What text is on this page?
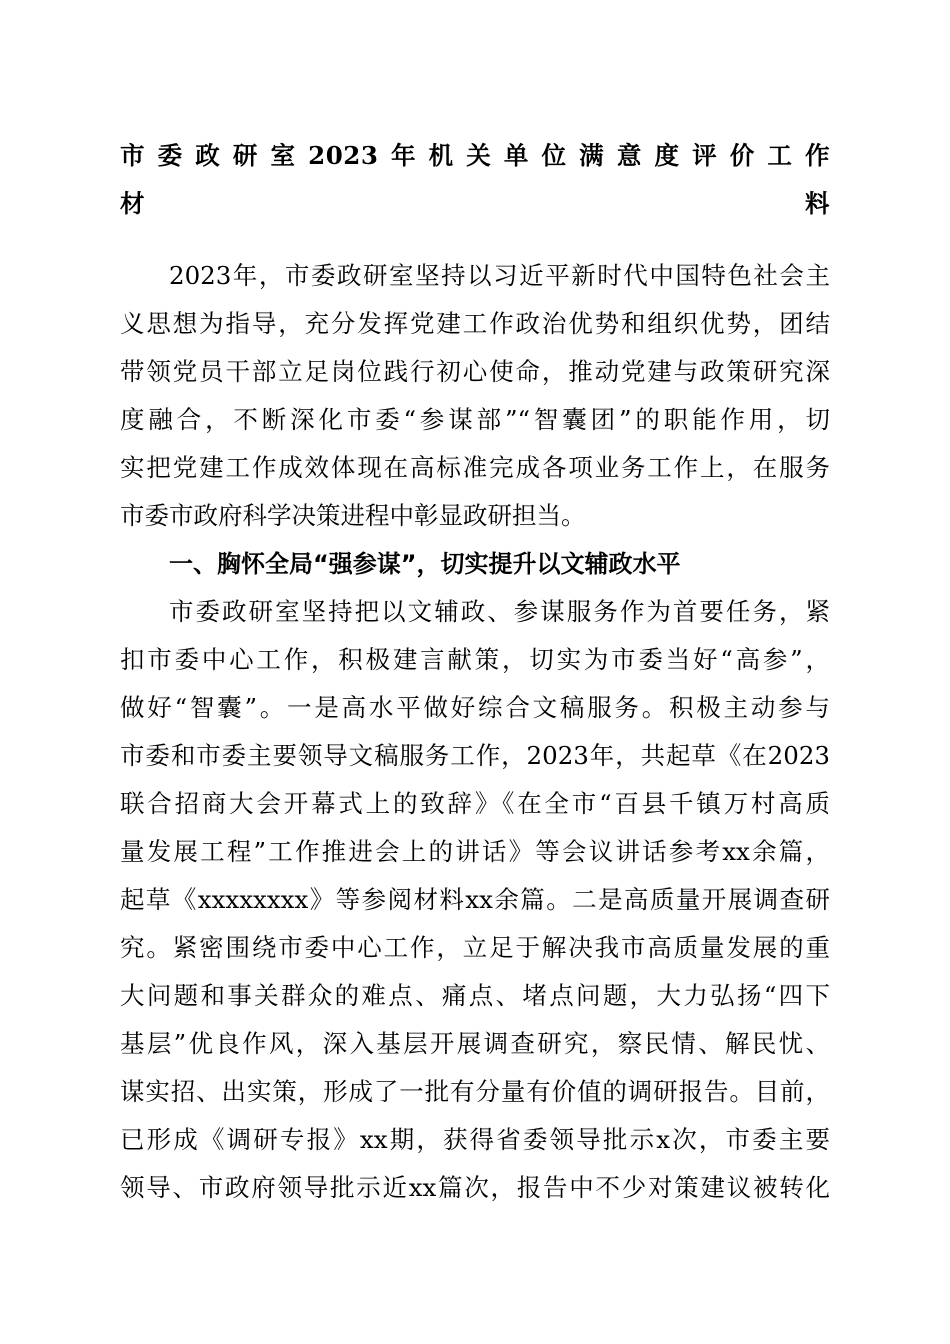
市委政研室2023年机关单位满意度评价工作
材料
2023年，市委政研室坚持以习近平新时代中国特色社会主
义思想为指导，充分发挥党建工作政治优势和组织优势，团结
带领党员干部立足岗位践行初心使命，推动党建与政策研究深
度融合，不断深化市委“参谋部”“智囊团”的职能作用，切
实把党建工作成效体现在高标准完成各项业务工作上，在服务
市委市政府科学决策进程中彰显政研担当。
一、胸怀全局“强参谋”，切实提升以文辅政水平
市委政研室坚持把以文辅政、参谋服务作为首要任务，紧
扣市委中心工作，积极建言献策，切实为市委当好“高参”，
做好“智囊”。一是高水平做好综合文稿服务。积极主动参与
市委和市委主要领导文稿服务工作，2023年，共起草《在2023
联合招商大会开幕式上的致辞》《在全市“百县千镇万村高质
量发展工程”工作推进会上的讲话》等会议讲话参考xx余篇，
起草《xxxxxxxx》等参阅材料xx余篇。二是高质量开展调查研
究。紧密围绕市委中心工作，立足于解决我市高质量发展的重
大问题和事关群众的难点、痛点、堵点问题，大力弘扬“四下
基层”优良作风，深入基层开展调查研究，察民情、解民忧、
谋实招、出实策，形成了一批有分量有价值的调研报告。目前，
已形成《调研专报》xx期，获得省委领导批示x次，市委主要
领导、市政府领导批示近xx篇次，报告中不少对策建议被转化
